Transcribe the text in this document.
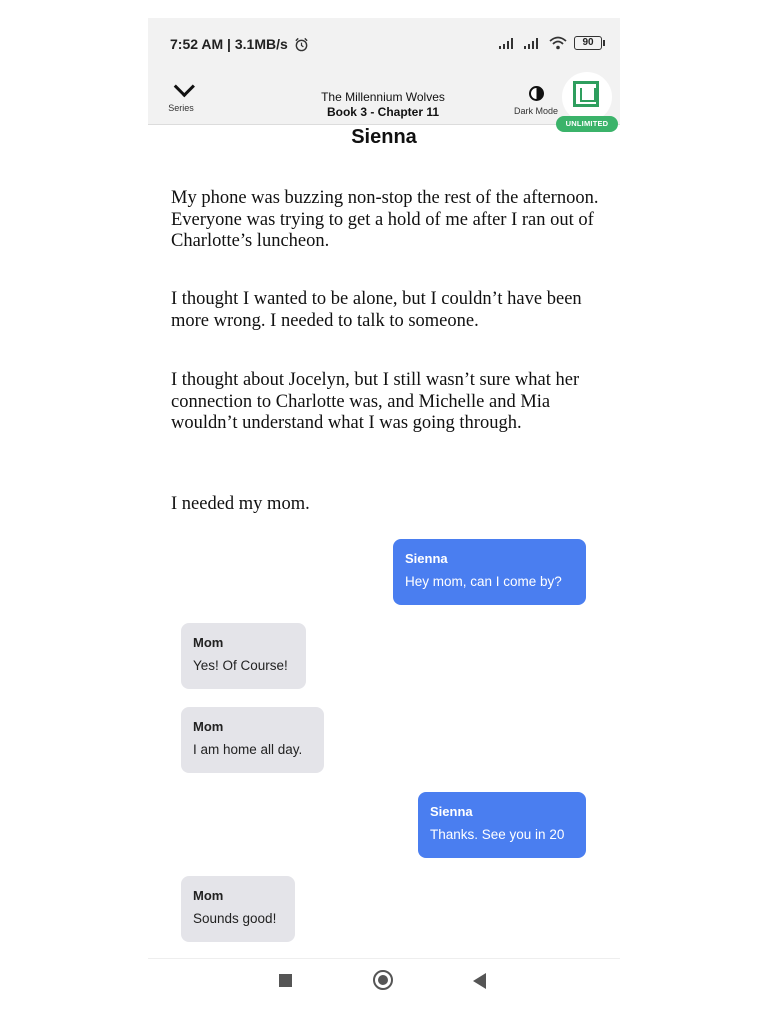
7:52 AM | 3.1MB/s	90
Series
The Millennium Wolves
Book 3 - Chapter 11	Dark Mode
UNLIMITED
Sienna

My phone was buzzing non-stop the rest of the afternoon. Everyone was trying to get a hold of me after I ran out of Charlotte’s luncheon.

I thought I wanted to be alone, but I couldn’t have been more wrong. I needed to talk to someone.

I thought about Jocelyn, but I still wasn’t sure what her connection to Charlotte was, and Michelle and Mia wouldn’t understand what I was going through.

I needed my mom.

Sienna
Hey mom, can I come by?
Mom
Yes! Of Course!
Mom
I am home all day.
Sienna
Thanks. See you in 20
Mom
Sounds good!
